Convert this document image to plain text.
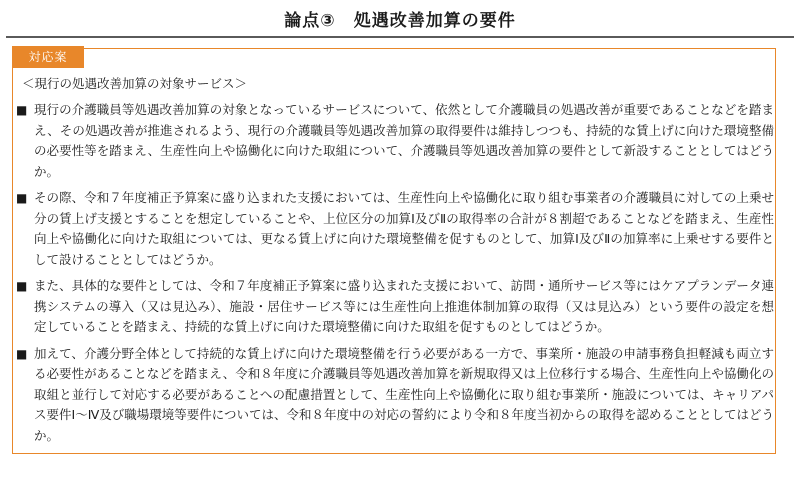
論点③　処遇改善加算の要件
対応案
＜現行の処遇改善加算の対象サービス＞
■ 現行の介護職員等処遇改善加算の対象となっているサービスについて、依然として介護職員の処遇改善が重要であることなどを踏まえ、その処遇改善が推進されるよう、現行の介護職員等処遇改善加算の取得要件は維持しつつも、持続的な賃上げに向けた環境整備の必要性等を踏まえ、生産性向上や協働化に向けた取組について、介護職員等処遇改善加算の要件として新設することとしてはどうか。
■ その際、令和７年度補正予算案に盛り込まれた支援においては、生産性向上や協働化に取り組む事業者の介護職員に対しての上乗せ分の賃上げ支援とすることを想定していることや、上位区分の加算Ⅰ及びⅡの取得率の合計が８割超であることなどを踏まえ、生産性向上や協働化に向けた取組については、更なる賃上げに向けた環境整備を促すものとして、加算Ⅰ及びⅡの加算率に上乗せする要件として設けることとしてはどうか。
■ また、具体的な要件としては、令和７年度補正予算案に盛り込まれた支援において、訪問・通所サービス等にはケアプランデータ連携システムの導入（又は見込み）、施設・居住サービス等には生産性向上推進体制加算の取得（又は見込み）という要件の設定を想定していることを踏まえ、持続的な賃上げに向けた環境整備に向けた取組を促すものとしてはどうか。
■ 加えて、介護分野全体として持続的な賃上げに向けた環境整備を行う必要がある一方で、事業所・施設の申請事務負担軽減も両立する必要性があることなどを踏まえ、令和８年度に介護職員等処遇改善加算を新規取得又は上位移行する場合、生産性向上や協働化の取組と並行して対応する必要があることへの配慮措置として、生産性向上や協働化に取り組む事業所・施設については、キャリアパス要件Ⅰ～Ⅳ及び職場環境等要件については、令和８年度中の対応の誓約により令和８年度当初からの取得を認めることとしてはどうか。
